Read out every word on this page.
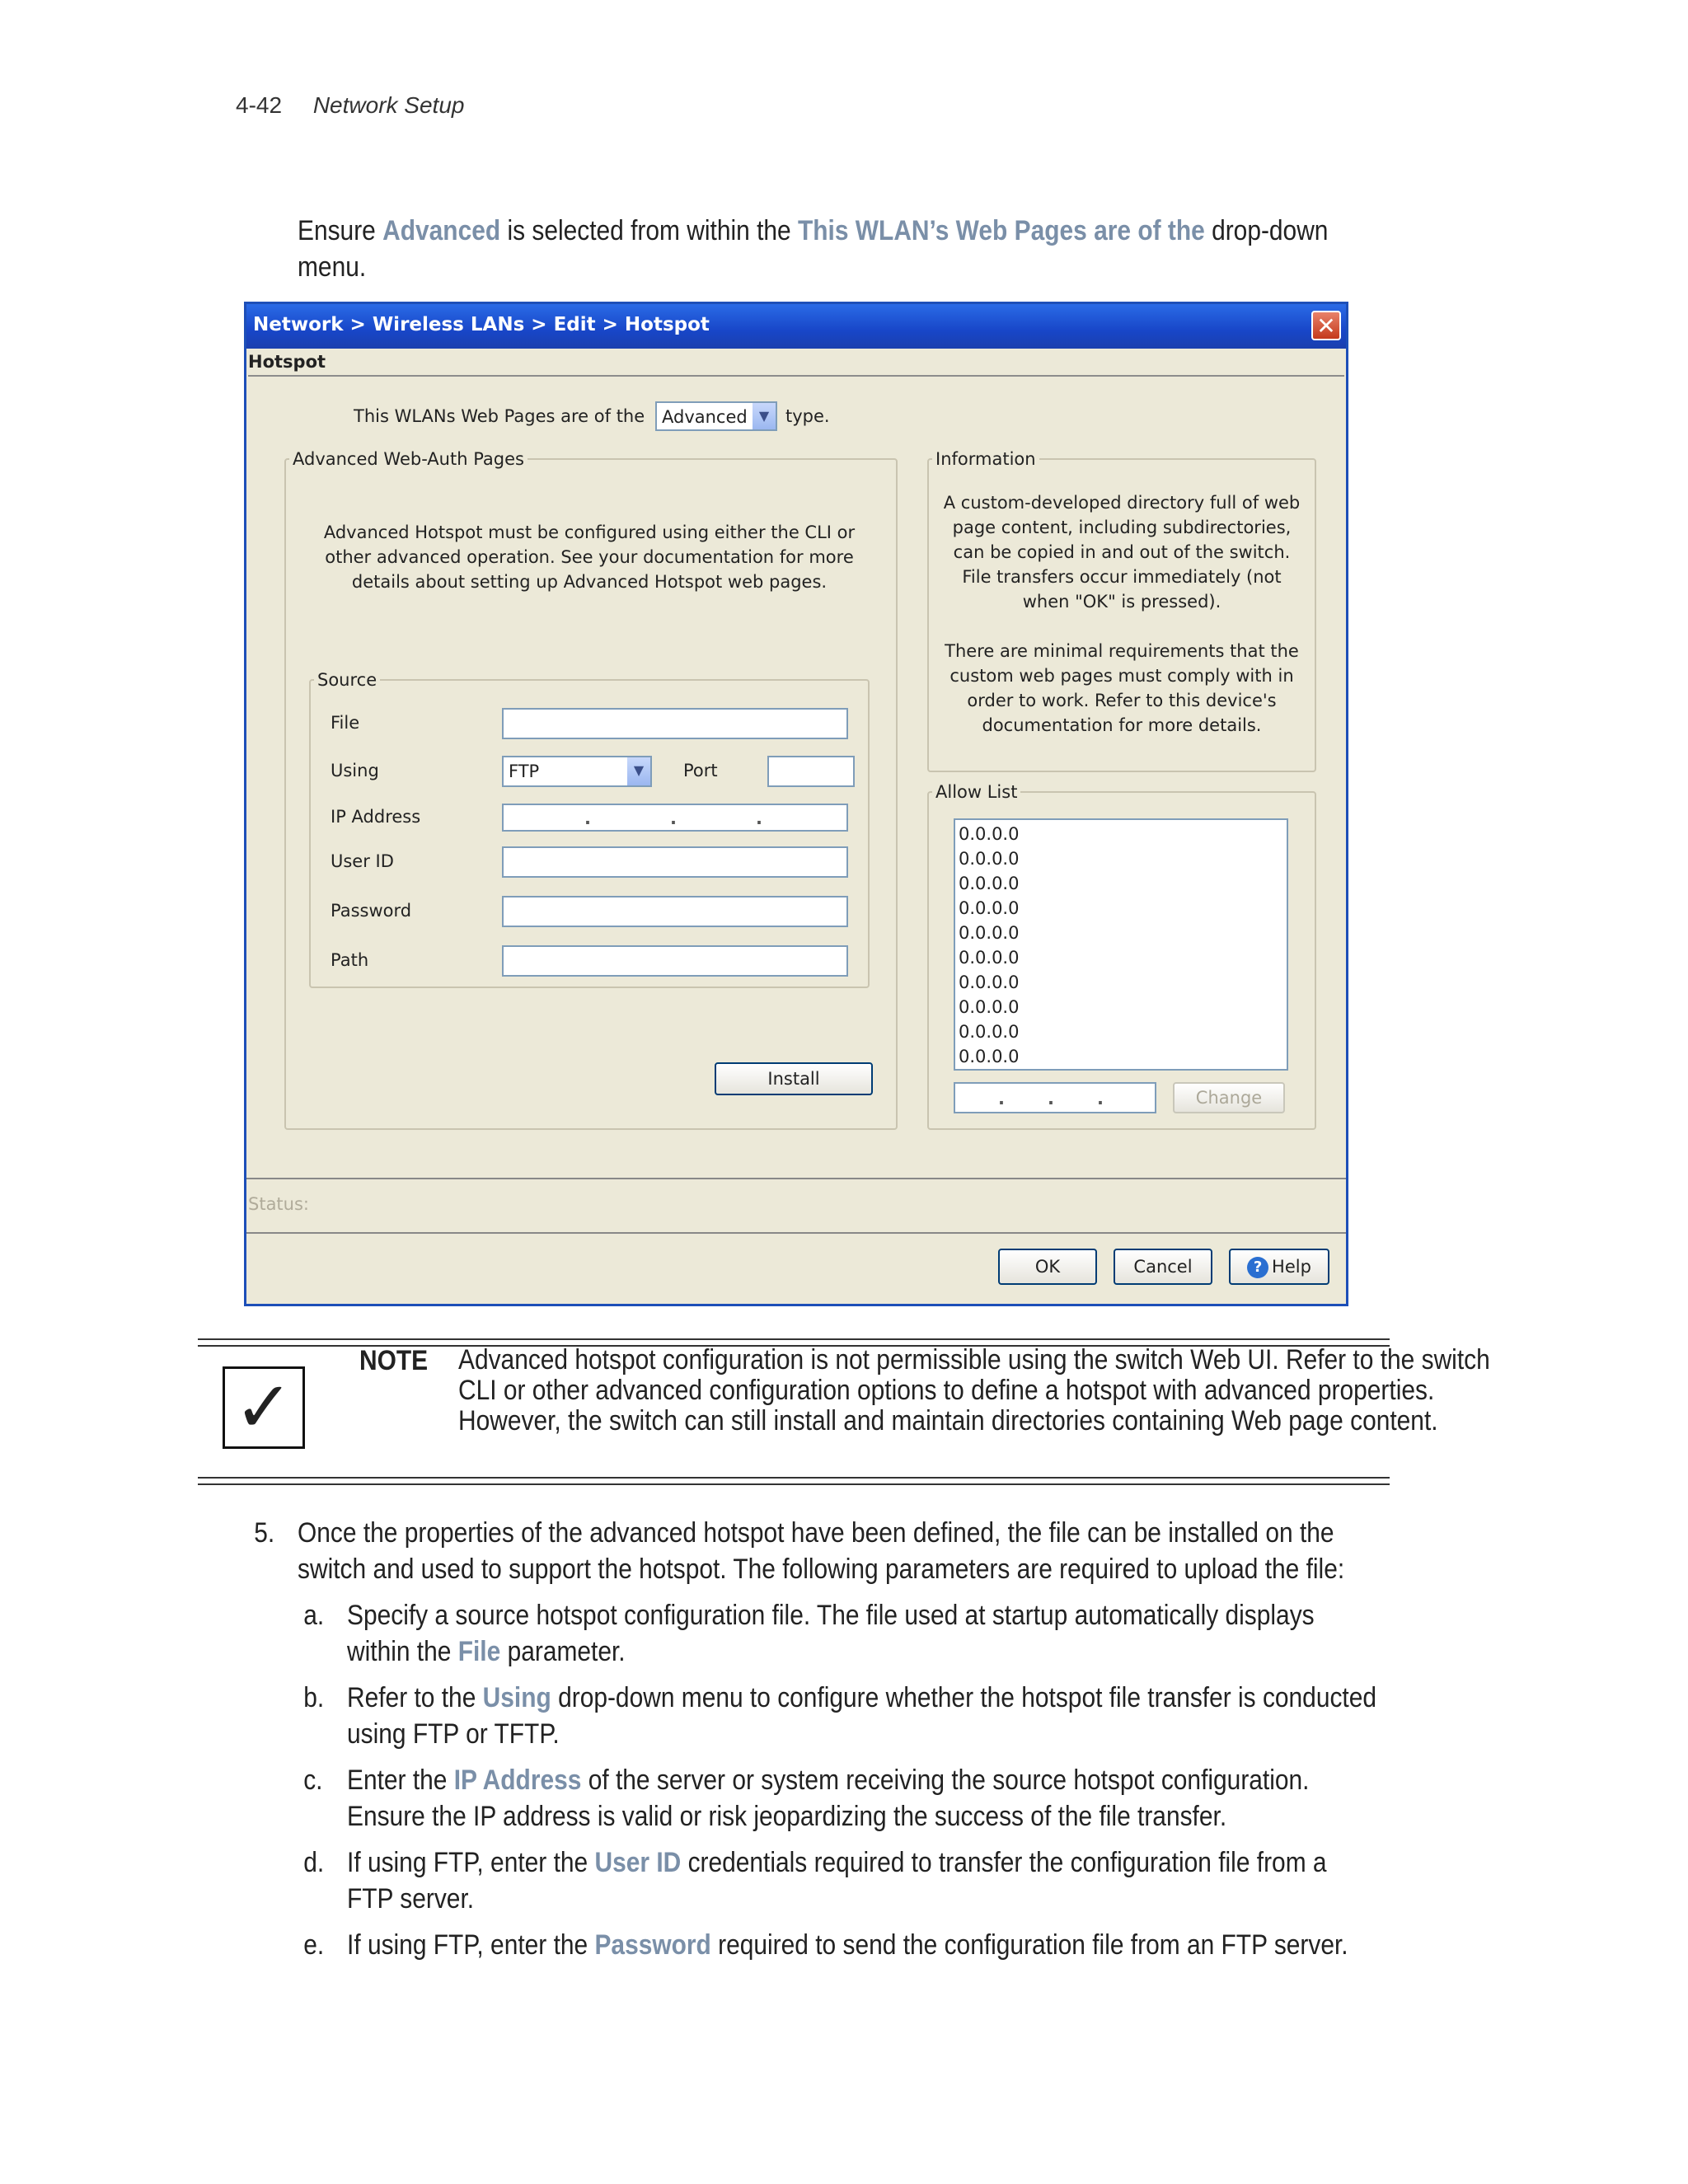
4-42 Network Setup
Ensure Advanced is selected from within the This WLAN’s Web Pages are of the drop-down menu.
Network > Wireless LANs > Edit > Hotspot	✕
Hotspot
This WLANs Web Pages are of the Advanced ▼ type.
Advanced Web-Auth Pages
Advanced Hotspot must be configured using either the CLI or other advanced operation. See your documentation for more details about setting up Advanced Hotspot web pages.
Source
File
Using	FTP	▼	Port
IP Address	.	.	.
User ID
Password
Path
Install
Information
A custom-developed directory full of web page content, including subdirectories, can be copied in and out of the switch. File transfers occur immediately (not when "OK" is pressed).
There are minimal requirements that the custom web pages must comply with in order to work. Refer to this device's documentation for more details.
Allow List
0.0.0.0
0.0.0.0
0.0.0.0
0.0.0.0
0.0.0.0
0.0.0.0
0.0.0.0
0.0.0.0
0.0.0.0
0.0.0.0
. . .	Change
Status:
OK	Cancel	? Help
✓
NOTE Advanced hotspot configuration is not permissible using the switch Web UI. Refer to the switch CLI or other advanced configuration options to define a hotspot with advanced properties. However, the switch can still install and maintain directories containing Web page content.
5. Once the properties of the advanced hotspot have been defined, the file can be installed on the switch and used to support the hotspot. The following parameters are required to upload the file:
a. Specify a source hotspot configuration file. The file used at startup automatically displays within the File parameter.
b. Refer to the Using drop-down menu to configure whether the hotspot file transfer is conducted using FTP or TFTP.
c. Enter the IP Address of the server or system receiving the source hotspot configuration. Ensure the IP address is valid or risk jeopardizing the success of the file transfer.
d. If using FTP, enter the User ID credentials required to transfer the configuration file from a FTP server.
e. If using FTP, enter the Password required to send the configuration file from an FTP server.
